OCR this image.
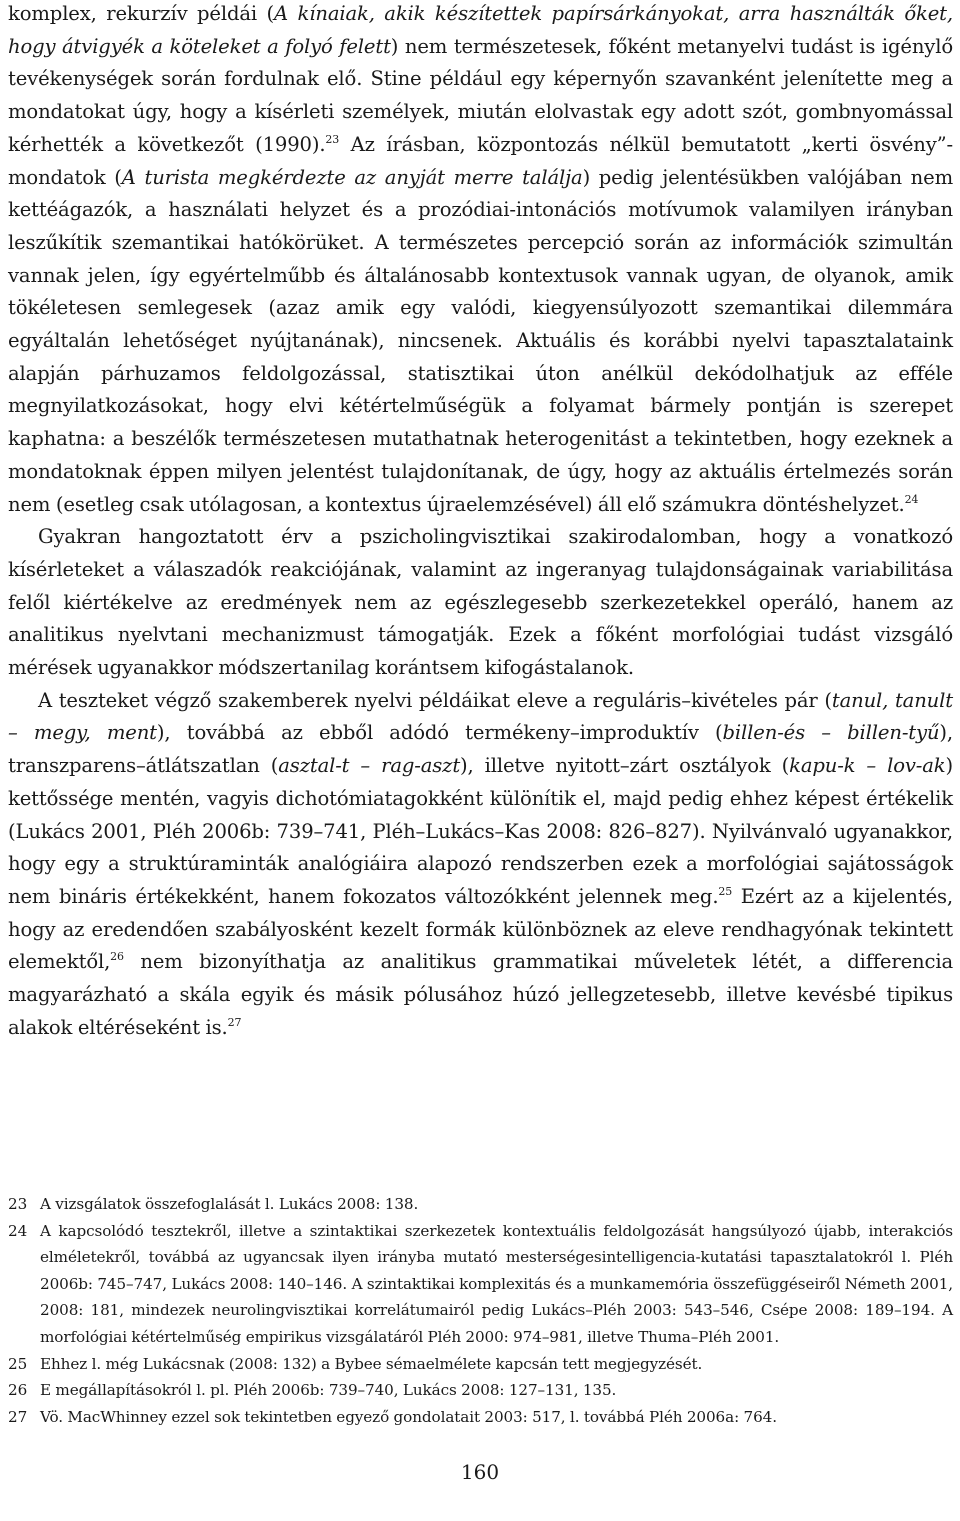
komplex, rekurzív példái (A kínaiak, akik készítettek papírsárkányokat, arra használták őket, hogy átvigyék a köteleket a folyó felett) nem természetesek, főként metanyelvi tudást is igénylő tevékenységek során fordulnak elő. Stine például egy képernyőn szavanként jelenítette meg a mondatokat úgy, hogy a kísérleti személyek, miután elolvastak egy adott szót, gombnyomással kérhették a következőt (1990).$^{23}$ Az írásban, központozás nélkül bemutatott „kerti ösvény”-mondatok (A turista megkérdezte az anyját merre találja) pedig jelentésükben valójában nem kettéágazók, a használati helyzet és a prozódiai-intonációs motívumok valamilyen irányban leszűkítik szemantikai hatókörüket. A természetes percepció során az információk szimultán vannak jelen, így egyértelműbb és általánosabb kontextusok vannak ugyan, de olyanok, amik tökéletesen semlegesek (azaz amik egy valódi, kiegyensúlyozott szemantikai dilemmára egyáltalán lehetőséget nyújtanának), nincsenek. Aktuális és korábbi nyelvi tapasztalataink alapján párhuzamos feldolgozással, statisztikai úton anélkül dekódolhatjuk az efféle megnyilatkozásokat, hogy elvi kétértelműségük a folyamat bármely pontján is szerepet kaphatna: a beszélők természetesen mutathatnak heterogenitást a tekintetben, hogy ezeknek a mondatoknak éppen milyen jelentést tulajdonítanak, de úgy, hogy az aktuális értelmezés során nem (esetleg csak utólagosan, a kontextus újraelemzésével) áll elő számukra döntéshelyzet.$^{24}$

Gyakran hangoztatott érv a pszicholingvisztikai szakirodalomban, hogy a vonatkozó kísérleteket a válaszadók reakciójának, valamint az ingeranyag tulajdonságainak variabilitása felől kiértékelve az eredmények nem az egészlegesebb szerkezetekkel operáló, hanem az analitikus nyelvtani mechanizmust támogatják. Ezek a főként morfológiai tudást vizsgáló mérések ugyanakkor módszertanilag korántsem kifogástalanok.

A teszteket végző szakemberek nyelvi példáikat eleve a reguláris–kivételes pár (tanul, tanult – megy, ment), továbbá az ebből adódó termékeny–improduktív (billen-és – billen-tyű), transzparens–átlátszatlan (asztal-t – rag-aszt), illetve nyitott–zárt osztályok (kapu-k – lov-ak) kettőssége mentén, vagyis dichotómiatagokként különítik el, majd pedig ehhez képest értékelik (Lukács 2001, Pléh 2006b: 739–741, Pléh–Lukács–Kas 2008: 826–827). Nyilvánvaló ugyanakkor, hogy egy a struktúraminták analógiáira alapozó rendszerben ezek a morfológiai sajátosságok nem bináris értékekként, hanem fokozatos változókként jelennek meg.$^{25}$ Ezért az a kijelentés, hogy az eredendően szabályosként kezelt formák különböznek az eleve rendhagyónak tekintett elemektől,$^{26}$ nem bizonyíthatja az analitikus grammatikai műveletek létét, a differencia magyarázható a skála egyik és másik pólusához húzó jellegzetesebb, illetve kevésbé tipikus alakok eltéréseként is.$^{27}$

23 A vizsgálatok összefoglalását l. Lukács 2008: 138.
24 A kapcsolódó tesztekről, illetve a szintaktikai szerkezetek kontextuális feldolgozását hangsúlyozó újabb, interakciós elméletekről, továbbá az ugyancsak ilyen irányba mutató mesterségesintelligencia-kutatási tapasztalatokról l. Pléh 2006b: 745–747, Lukács 2008: 140–146. A szintaktikai komplexitás és a munkamemória összefüggéseiről Németh 2001, 2008: 181, mindezek neurolingvisztikai korrelátumairól pedig Lukács–Pléh 2003: 543–546, Csépe 2008: 189–194. A morfológiai kétértelműség empirikus vizsgálatáról Pléh 2000: 974–981, illetve Thuma–Pléh 2001.
25 Ehhez l. még Lukácsnak (2008: 132) a Bybee sémaelmélete kapcsán tett megjegyzését.
26 E megállapításokról l. pl. Pléh 2006b: 739–740, Lukács 2008: 127–131, 135.
27 Vö. MacWhinney ezzel sok tekintetben egyező gondolatait 2003: 517, l. továbbá Pléh 2006a: 764.
160
